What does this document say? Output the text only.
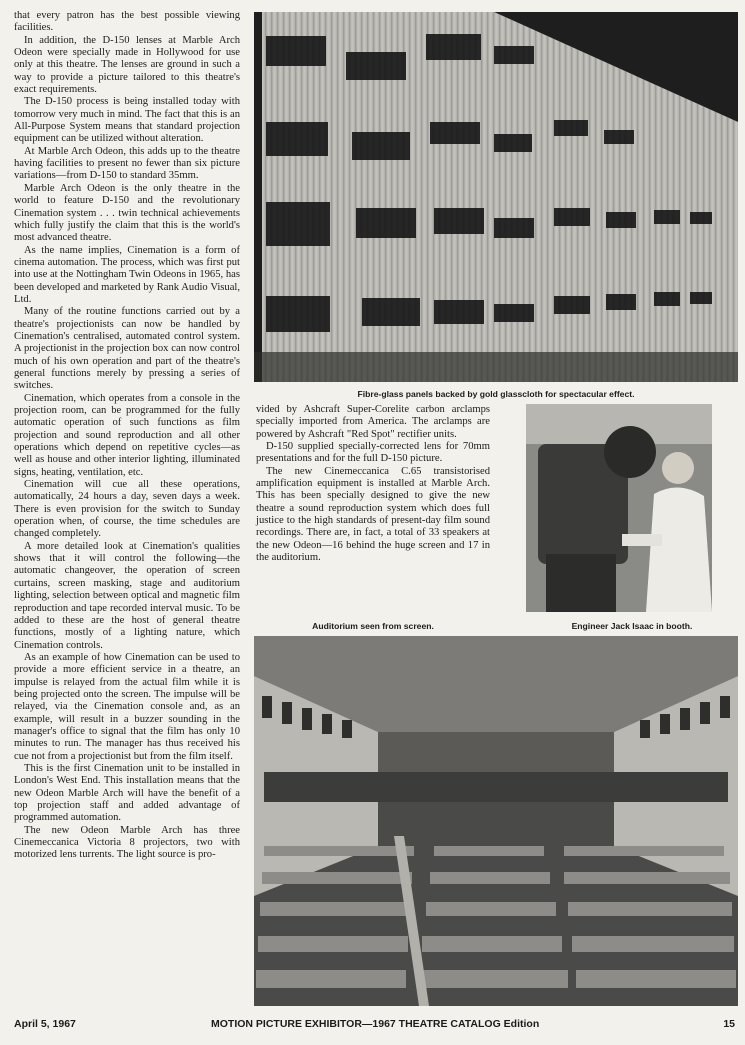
that every patron has the best possible viewing facilities.

In addition, the D-150 lenses at Marble Arch Odeon were specially made in Hollywood for use only at this theatre. The lenses are ground in such a way to provide a picture tailored to this theatre's exact requirements.

The D-150 process is being installed today with tomorrow very much in mind. The fact that this is an All-Purpose System means that standard projection equipment can be utilized without alteration.

At Marble Arch Odeon, this adds up to the theatre having facilities to present no fewer than six picture variations—from D-150 to standard 35mm.

Marble Arch Odeon is the only theatre in the world to feature D-150 and the revolutionary Cinemation system . . . twin technical achievements which fully justify the claim that this is the world's most advanced theatre.

As the name implies, Cinemation is a form of cinema automation. The process, which was first put into use at the Nottingham Twin Odeons in 1965, has been developed and marketed by Rank Audio Visual, Ltd.

Many of the routine functions carried out by a theatre's projectionists can now be handled by Cinemation's centralised, automated control system. A projectionist in the projection box can now control much of his own operation and part of the theatre's general functions merely by pressing a series of switches.

Cinemation, which operates from a console in the projection room, can be programmed for the fully automatic operation of such functions as film projection and sound reproduction and all other operations which depend on repetitive cycles—as well as house and other interior lighting, illuminated signs, heating, ventilation, etc.

Cinemation will cue all these operations, automatically, 24 hours a day, seven days a week. There is even provision for the switch to Sunday operation when, of course, the time schedules are changed completely.

A more detailed look at Cinemation's qualities shows that it will control the following—the automatic changeover, the operation of screen curtains, screen masking, stage and auditorium lighting, selection between optical and magnetic film reproduction and tape recorded interval music. To be added to these are the host of general theatre functions, mostly of a lighting nature, which Cinemation controls.

As an example of how Cinemation can be used to provide a more efficient service in a theatre, an impulse is relayed from the actual film while it is being projected onto the screen. The impulse will be relayed, via the Cinemation console and, as an example, will result in a buzzer sounding in the manager's office to signal that the film has only 10 minutes to run. The manager has thus received his cue not from a projectionist but from the film itself.

This is the first Cinemation unit to be installed in London's West End. This installation means that the new Odeon Marble Arch will have the benefit of a top projection staff and added advantage of programmed automation.

The new Odeon Marble Arch has three Cinemeccanica Victoria 8 projectors, two with motorized lens turrents. The light source is pro-

Fibre-glass panels backed by gold glasscloth for spectacular effect.

vided by Ashcraft Super-Corelite carbon arclamps specially imported from America. The arclamps are powered by Ashcraft "Red Spot" rectifier units.

D-150 supplied specially-corrected lens for 70mm presentations and for the full D-150 picture.

The new Cinemeccanica C.65 transistorised amplification equipment is installed at Marble Arch. This has been specially designed to give the new theatre a sound reproduction system which does full justice to the high standards of present-day film sound recordings. There are, in fact, a total of 33 speakers at the new Odeon—16 behind the huge screen and 17 in the auditorium.

Auditorium seen from screen.	Engineer Jack Isaac in booth.
April 5, 1967	MOTION PICTURE EXHIBITOR—1967 THEATRE CATALOG Edition	15
